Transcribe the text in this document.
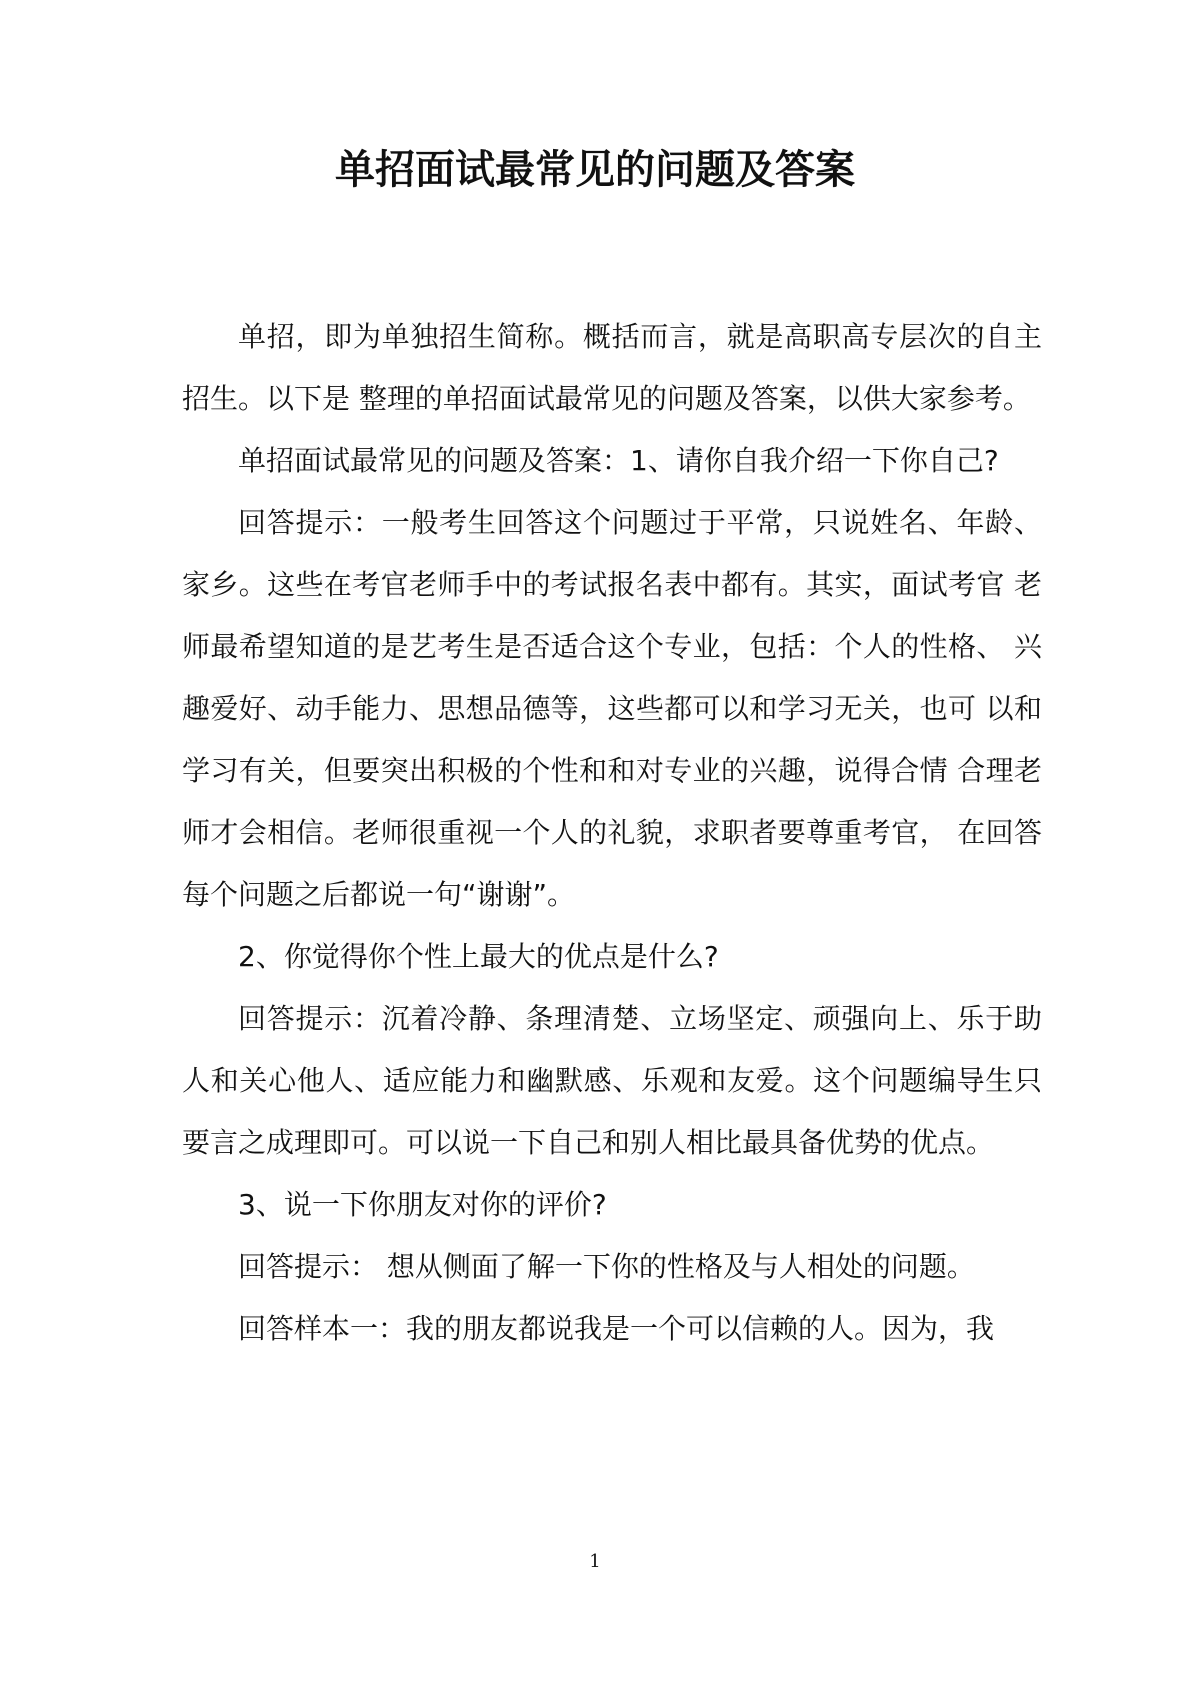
单招面试最常见的问题及答案

单招，即为单独招生简称。概括而言，就是高职高专层次的自主招生。以下是 整理的单招面试最常见的问题及答案，以供大家参考。

单招面试最常见的问题及答案：1、请你自我介绍一下你自己?

回答提示：一般考生回答这个问题过于平常，只说姓名、年龄、家乡。这些在考官老师手中的考试报名表中都有。其实，面试考官 老师最希望知道的是艺考生是否适合这个专业，包括：个人的性格、 兴趣爱好、动手能力、思想品德等，这些都可以和学习无关，也可 以和学习有关，但要突出积极的个性和和对专业的兴趣，说得合情 合理老师才会相信。老师很重视一个人的礼貌，求职者要尊重考官， 在回答每个问题之后都说一句“谢谢”。

2、你觉得你个性上最大的优点是什么?

回答提示：沉着冷静、条理清楚、立场坚定、顽强向上、乐于助人和关心他人、适应能力和幽默感、乐观和友爱。这个问题编导生只要言之成理即可。可以说一下自己和别人相比最具备优势的优点。

3、说一下你朋友对你的评价?

回答提示： 想从侧面了解一下你的性格及与人相处的问题。

回答样本一：我的朋友都说我是一个可以信赖的人。因为，我

1
